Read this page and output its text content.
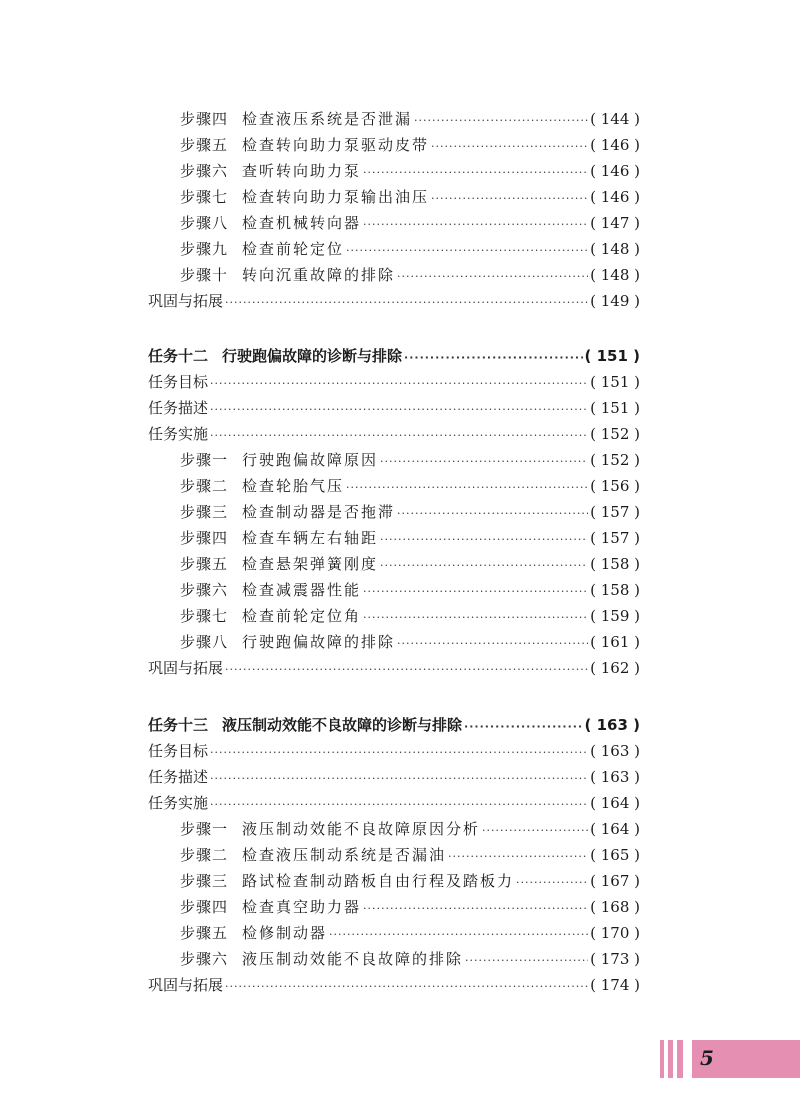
步骤四 检查液压系统是否泄漏 ·····	( 144 )
步骤五 检查转向助力泵驱动皮带 ·····	( 146 )
步骤六 查听转向助力泵 ·····	( 146 )
步骤七 检查转向助力泵输出油压 ·····	( 146 )
步骤八 检查机械转向器 ·····	( 147 )
步骤九 检查前轮定位 ·····	( 148 )
步骤十 转向沉重故障的排除 ·····	( 148 )
巩固与拓展 ·····	( 149 )
任务十二 行驶跑偏故障的诊断与排除 ·····	( 151 )
任务目标 ·····	( 151 )
任务描述 ·····	( 151 )
任务实施 ·····	( 152 )
步骤一 行驶跑偏故障原因 ·····	( 152 )
步骤二 检查轮胎气压 ·····	( 156 )
步骤三 检查制动器是否拖滞 ·····	( 157 )
步骤四 检查车辆左右轴距 ·····	( 157 )
步骤五 检查悬架弹簧刚度 ·····	( 158 )
步骤六 检查减震器性能 ·····	( 158 )
步骤七 检查前轮定位角 ·····	( 159 )
步骤八 行驶跑偏故障的排除 ·····	( 161 )
巩固与拓展 ·····	( 162 )
任务十三 液压制动效能不良故障的诊断与排除 ·····	( 163 )
任务目标 ·····	( 163 )
任务描述 ·····	( 163 )
任务实施 ·····	( 164 )
步骤一 液压制动效能不良故障原因分析 ·····	( 164 )
步骤二 检查液压制动系统是否漏油 ·····	( 165 )
步骤三 路试检查制动踏板自由行程及踏板力 ·····	( 167 )
步骤四 检查真空助力器 ·····	( 168 )
步骤五 检修制动器 ·····	( 170 )
步骤六 液压制动效能不良故障的排除 ·····	( 173 )
巩固与拓展 ·····	( 174 )
5
